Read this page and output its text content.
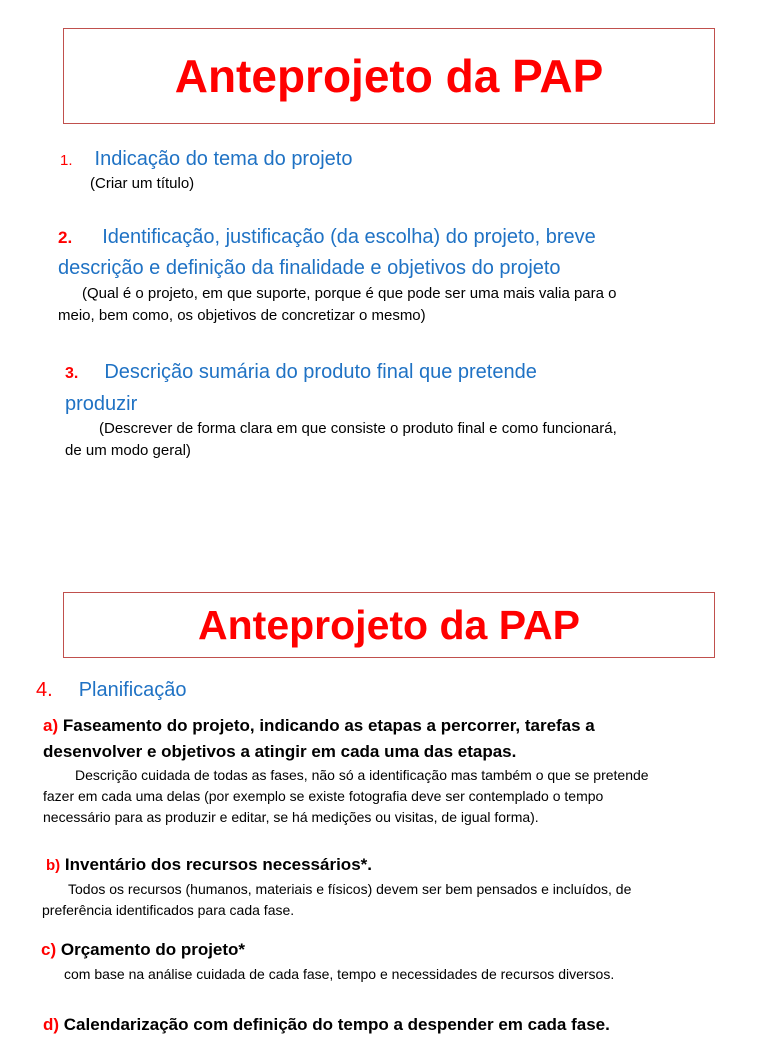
Anteprojeto da PAP
1. Indicação do tema do projeto
(Criar um título)
2. Identificação, justificação (da escolha) do projeto, breve
descrição e definição da finalidade e objetivos do projeto
(Qual é o projeto, em que suporte, porque é que pode ser uma mais valia para o
meio, bem como, os objetivos de concretizar o mesmo)
3. Descrição sumária do produto final que pretende
produzir
(Descrever de forma clara em que consiste o produto final e como funcionará,
de um modo geral)
Anteprojeto da PAP
4. Planificação
a) Faseamento do projeto, indicando as etapas a percorrer, tarefas a
desenvolver e objetivos a atingir em cada uma das etapas.
Descrição cuidada de todas as fases, não só a identificação mas também o que se pretende
fazer em cada uma delas (por exemplo se existe fotografia deve ser contemplado o tempo
necessário para as produzir e editar, se há medições ou visitas, de igual forma).
b) Inventário dos recursos necessários*.
Todos os recursos (humanos, materiais e físicos) devem ser bem pensados e incluídos, de
preferência identificados para cada fase.
c) Orçamento do projeto*
com base na análise cuidada de cada fase, tempo e necessidades de recursos diversos.
d) Calendarização com definição do tempo a despender em cada fase.
